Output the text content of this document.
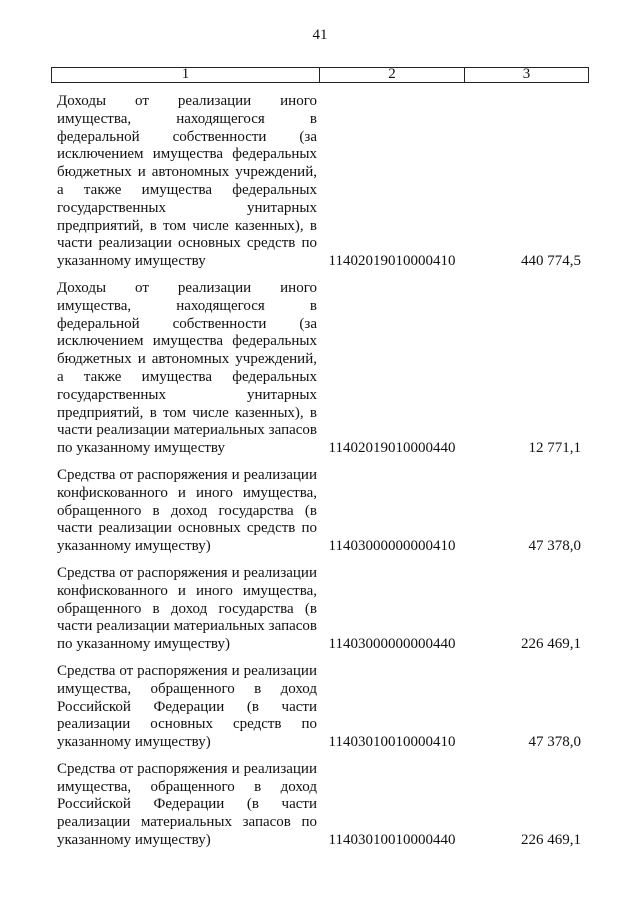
41
1	2	3
Доходы от реализации иного имущества, находящегося в федеральной собственности (за исключением имущества федеральных бюджетных и автономных учреждений, а также имущества федеральных государственных унитарных предприятий, в том числе казенных), в части реализации основных средств по указанному имуществу	11402019010000410	440 774,5
Доходы от реализации иного имущества, находящегося в федеральной собственности (за исключением имущества федеральных бюджетных и автономных учреждений, а также имущества федеральных государственных унитарных предприятий, в том числе казенных), в части реализации материальных запасов по указанному имуществу	11402019010000440	12 771,1
Средства от распоряжения и реализации конфискованного и иного имущества, обращенного в доход государства (в части реализации основных средств по указанному имуществу)	11403000000000410	47 378,0
Средства от распоряжения и реализации конфискованного и иного имущества, обращенного в доход государства (в части реализации материальных запасов по указанному имуществу)	11403000000000440	226 469,1
Средства от распоряжения и реализации имущества, обращенного в доход Российской Федерации (в части реализации основных средств по указанному имуществу)	11403010010000410	47 378,0
Средства от распоряжения и реализации имущества, обращенного в доход Российской Федерации (в части реализации материальных запасов по указанному имуществу)	11403010010000440	226 469,1
